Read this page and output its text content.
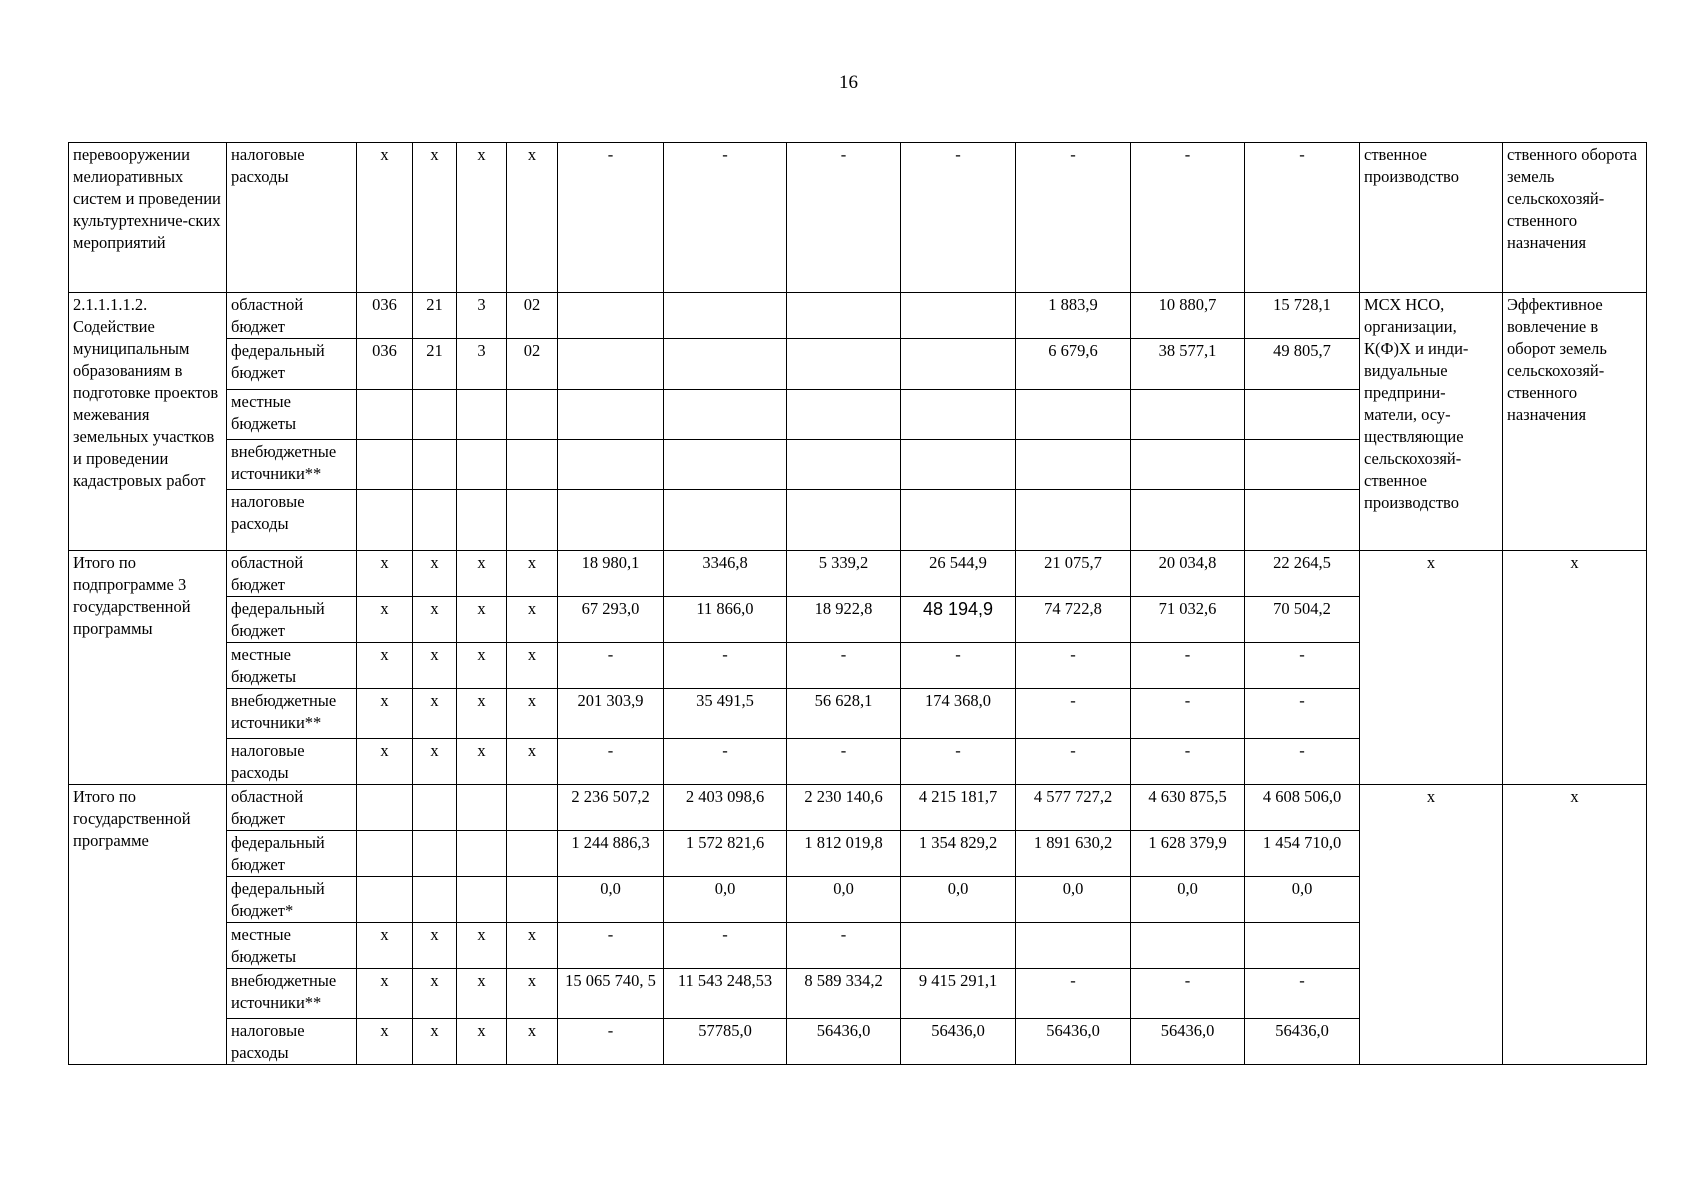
16
перевооружении мелиоративных систем и проведении культуртехниче-ских мероприятий	налоговые расходы	х	х	х	х	-	-	-	-	-	-	-	ственное производство	ственного оборота земель сельскохозяй-ственного назначения
2.1.1.1.1.2. Содействие муниципальным образованиям в подготовке проектов межевания земельных участков и проведении кадастровых работ	областной бюджет	036	21	3	02					1 883,9	10 880,7	15 728,1	МСХ НСО, организации, К(Ф)Х и инди-видуальные предприни-матели, осу-ществляющие сельскохозяй-ственное производство	Эффективное вовлечение в оборот земель сельскохозяй-ственного назначения
	федеральный бюджет	036	21	3	02					6 679,6	38 577,1	49 805,7		
	местные бюджеты													
	внебюджетные источники**													
	налоговые расходы													
Итого по подпрограмме 3 государственной программы	областной бюджет	х	х	х	х	18 980,1	3346,8	5 339,2	26 544,9	21 075,7	20 034,8	22 264,5	х	х
	федеральный бюджет	х	х	х	х	67 293,0	11 866,0	18 922,8	48 194,9	74 722,8	71 032,6	70 504,2		
	местные бюджеты	х	х	х	х	-	-	-	-	-	-	-		
	внебюджетные источники**	х	х	х	х	201 303,9	35 491,5	56 628,1	174 368,0	-	-	-		
	налоговые расходы	х	х	х	х	-	-	-	-	-	-	-		
Итого по государственной программе	областной бюджет					2 236 507,2	2 403 098,6	2 230 140,6	4 215 181,7	4 577 727,2	4 630 875,5	4 608 506,0	х	х
	федеральный бюджет					1 244 886,3	1 572 821,6	1 812 019,8	1 354 829,2	1 891 630,2	1 628 379,9	1 454 710,0		
	федеральный бюджет*					0,0	0,0	0,0	0,0	0,0	0,0	0,0		
	местные бюджеты	х	х	х	х	-	-	-						
	внебюджетные источники**	х	х	х	х	15 065 740, 5	11 543 248,53	8 589 334,2	9 415 291,1	-	-	-		
	налоговые расходы	х	х	х	х	-	57785,0	56436,0	56436,0	56436,0	56436,0	56436,0		
